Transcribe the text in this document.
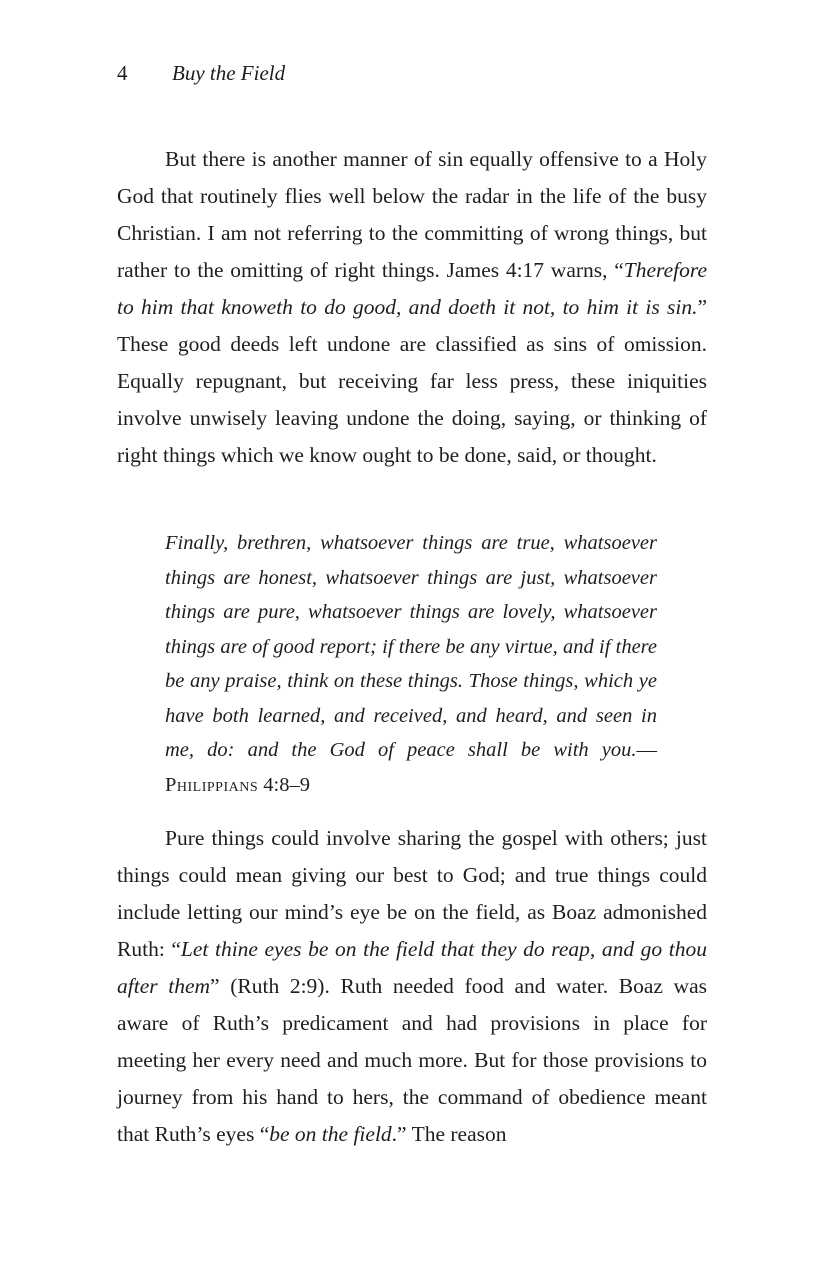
4 Buy the Field

But there is another manner of sin equally offensive to a Holy God that routinely flies well below the radar in the life of the busy Christian. I am not referring to the committing of wrong things, but rather to the omitting of right things. James 4:17 warns, “Therefore to him that knoweth to do good, and doeth it not, to him it is sin.” These good deeds left undone are classified as sins of omission. Equally repugnant, but receiving far less press, these iniquities involve unwisely leaving undone the doing, saying, or thinking of right things which we know ought to be done, said, or thought.

Finally, brethren, whatsoever things are true, whatsoever things are honest, whatsoever things are just, whatsoever things are pure, whatsoever things are lovely, whatsoever things are of good report; if there be any virtue, and if there be any praise, think on these things. Those things, which ye have both learned, and received, and heard, and seen in me, do: and the God of peace shall be with you.—Philippians 4:8–9

Pure things could involve sharing the gospel with others; just things could mean giving our best to God; and true things could include letting our mind’s eye be on the field, as Boaz admonished Ruth: “Let thine eyes be on the field that they do reap, and go thou after them” (Ruth 2:9). Ruth needed food and water. Boaz was aware of Ruth’s predicament and had provisions in place for meeting her every need and much more. But for those provisions to journey from his hand to hers, the command of obedience meant that Ruth’s eyes “be on the field.” The reason
